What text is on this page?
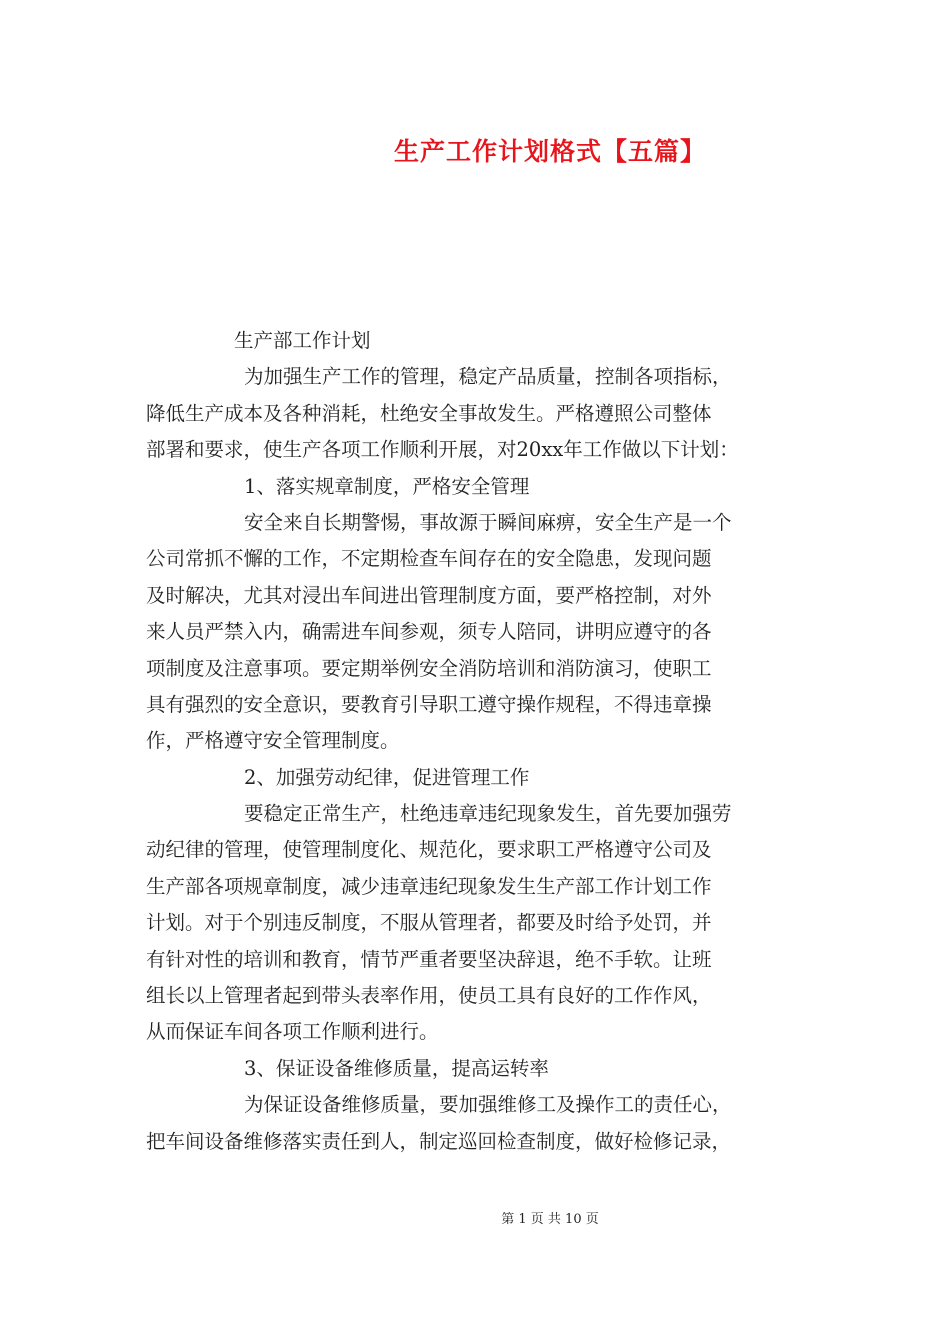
生产工作计划格式【五篇】
生产部工作计划
为加强生产工作的管理，稳定产品质量，控制各项指标，
降低生产成本及各种消耗，杜绝安全事故发生。严格遵照公司整体
部署和要求，使生产各项工作顺利开展，对20xx年工作做以下计划：
1、落实规章制度，严格安全管理
安全来自长期警惕，事故源于瞬间麻痹，安全生产是一个
公司常抓不懈的工作，不定期检查车间存在的安全隐患，发现问题
及时解决，尤其对浸出车间进出管理制度方面，要严格控制，对外
来人员严禁入内，确需进车间参观，须专人陪同，讲明应遵守的各
项制度及注意事项。要定期举例安全消防培训和消防演习，使职工
具有强烈的安全意识，要教育引导职工遵守操作规程，不得违章操
作，严格遵守安全管理制度。
2、加强劳动纪律，促进管理工作
要稳定正常生产，杜绝违章违纪现象发生，首先要加强劳
动纪律的管理，使管理制度化、规范化，要求职工严格遵守公司及
生产部各项规章制度，减少违章违纪现象发生生产部工作计划工作
计划。对于个别违反制度，不服从管理者，都要及时给予处罚，并
有针对性的培训和教育，情节严重者要坚决辞退，绝不手软。让班
组长以上管理者起到带头表率作用，使员工具有良好的工作作风，
从而保证车间各项工作顺利进行。
3、保证设备维修质量，提高运转率
为保证设备维修质量，要加强维修工及操作工的责任心，
把车间设备维修落实责任到人，制定巡回检查制度，做好检修记录，
第 1 页 共 10 页
